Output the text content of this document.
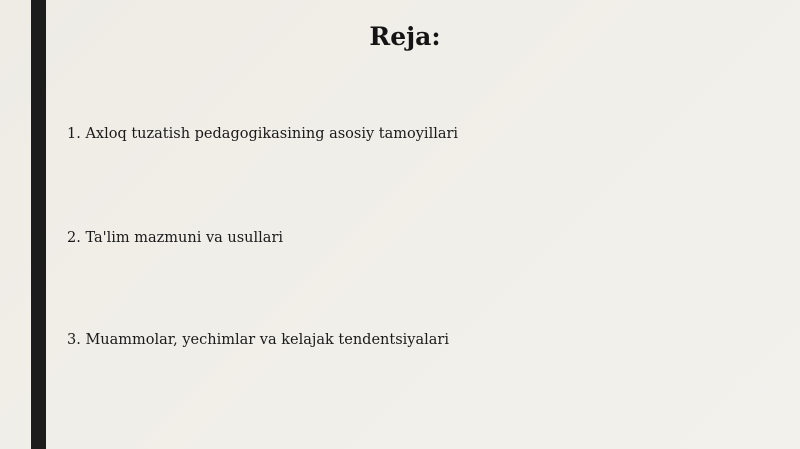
Reja:
1. Axloq tuzatish pedagogikasining asosiy tamoyillari
2. Ta'lim mazmuni va usullari
3. Muammolar, yechimlar va kelajak tendentsiyalari
